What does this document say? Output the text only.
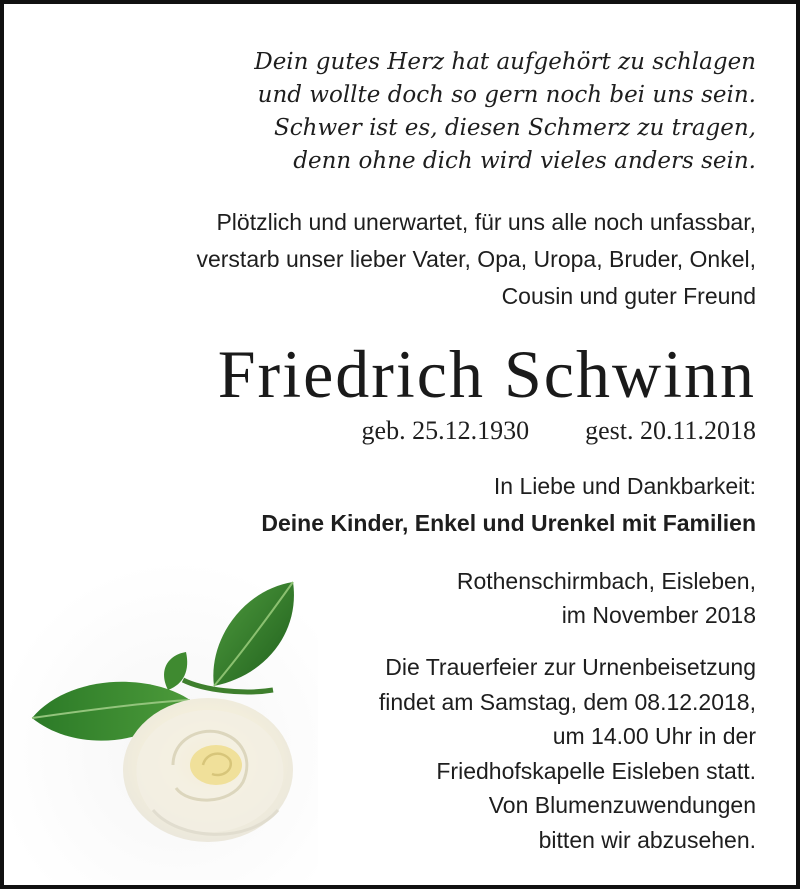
Dein gutes Herz hat aufgehört zu schlagen
und wollte doch so gern noch bei uns sein.
Schwer ist es, diesen Schmerz zu tragen,
denn ohne dich wird vieles anders sein.
Plötzlich und unerwartet, für uns alle noch unfassbar,
verstarb unser lieber Vater, Opa, Uropa, Bruder, Onkel,
Cousin und guter Freund
Friedrich Schwinn
geb. 25.12.1930 gest. 20.11.2018
In Liebe und Dankbarkeit:
Deine Kinder, Enkel und Urenkel mit Familien
Rothenschirmbach, Eisleben,
im November 2018
Die Trauerfeier zur Urnenbeisetzung
findet am Samstag, dem 08.12.2018,
um 14.00 Uhr in der
Friedhofskapelle Eisleben statt.
Von Blumenzuwendungen
bitten wir abzusehen.
